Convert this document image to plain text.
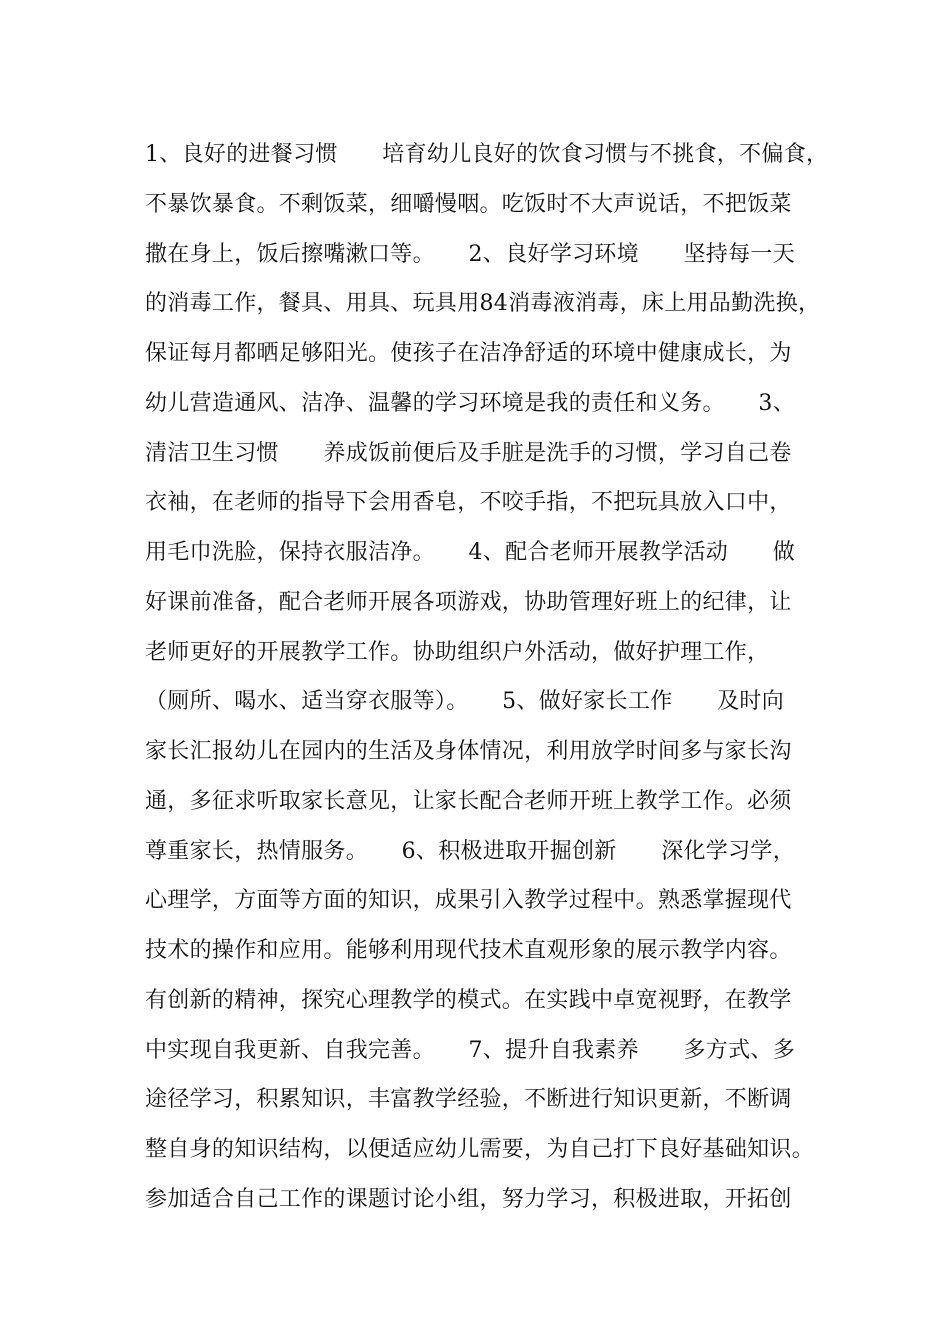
1、良好的进餐习惯　　培育幼儿良好的饮食习惯与不挑食，不偏食，
不暴饮暴食。不剩饭菜，细嚼慢咽。吃饭时不大声说话，不把饭菜
撒在身上，饭后擦嘴漱口等。　　2、良好学习环境　　坚持每一天
的消毒工作，餐具、用具、玩具用84消毒液消毒，床上用品勤洗换，
保证每月都晒足够阳光。使孩子在洁净舒适的环境中健康成长，为
幼儿营造通风、洁净、温馨的学习环境是我的责任和义务。　　3、
清洁卫生习惯　　养成饭前便后及手脏是洗手的习惯，学习自己卷
衣袖，在老师的指导下会用香皂，不咬手指，不把玩具放入口中，
用毛巾洗脸，保持衣服洁净。　　4、配合老师开展教学活动　　做
好课前准备，配合老师开展各项游戏，协助管理好班上的纪律，让
老师更好的开展教学工作。协助组织户外活动，做好护理工作，
（厕所、喝水、适当穿衣服等）。　　5、做好家长工作　　及时向
家长汇报幼儿在园内的生活及身体情况，利用放学时间多与家长沟
通，多征求听取家长意见，让家长配合老师开班上教学工作。必须
尊重家长，热情服务。　　6、积极进取开掘创新　　深化学习学，
心理学，方面等方面的知识，成果引入教学过程中。熟悉掌握现代
技术的操作和应用。能够利用现代技术直观形象的展示教学内容。
有创新的精神，探究心理教学的模式。在实践中卓宽视野，在教学
中实现自我更新、自我完善。　　7、提升自我素养　　多方式、多
途径学习，积累知识，丰富教学经验，不断进行知识更新，不断调
整自身的知识结构，以便适应幼儿需要，为自己打下良好基础知识。
参加适合自己工作的课题讨论小组，努力学习，积极进取，开拓创
